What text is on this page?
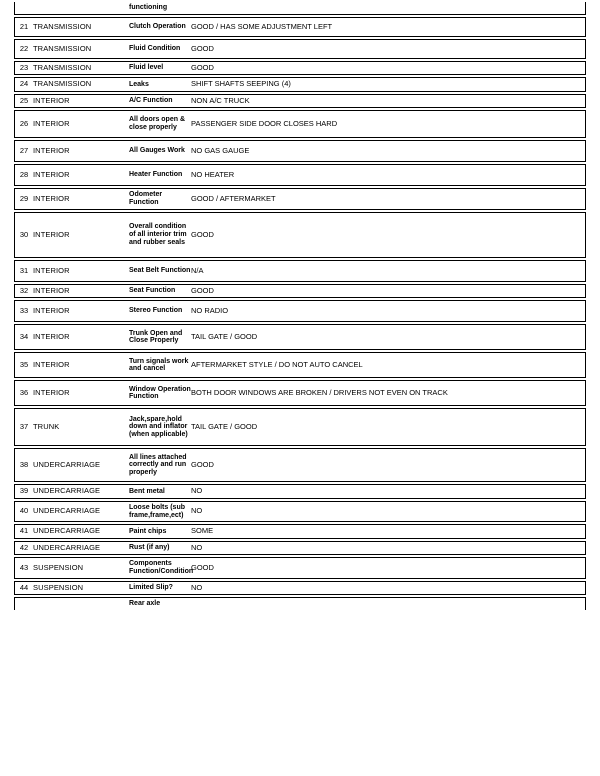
		functioning	
21	TRANSMISSION	Clutch Operation	GOOD / HAS SOME ADJUSTMENT LEFT
22	TRANSMISSION	Fluid Condition	GOOD
23	TRANSMISSION	Fluid level	GOOD
24	TRANSMISSION	Leaks	SHIFT SHAFTS SEEPING (4)
25	INTERIOR	A/C Function	NON A/C TRUCK
26	INTERIOR	All doors open & close properly	PASSENGER SIDE DOOR CLOSES HARD
27	INTERIOR	All Gauges Work	NO GAS GAUGE
28	INTERIOR	Heater Function	NO HEATER
29	INTERIOR	Odometer Function	GOOD / AFTERMARKET
30	INTERIOR	Overall condition of all interior trim and rubber seals	GOOD
31	INTERIOR	Seat Belt Function	N/A
32	INTERIOR	Seat Function	GOOD
33	INTERIOR	Stereo Function	NO RADIO
34	INTERIOR	Trunk Open and Close Properly	TAIL GATE / GOOD
35	INTERIOR	Turn signals work and cancel	AFTERMARKET STYLE / DO NOT AUTO CANCEL
36	INTERIOR	Window Operation Function	BOTH DOOR WINDOWS ARE BROKEN / DRIVERS NOT EVEN ON TRACK
37	TRUNK	Jack,spare,hold down and inflator (when applicable)	TAIL GATE / GOOD
38	UNDERCARRIAGE	All lines attached correctly and run properly	GOOD
39	UNDERCARRIAGE	Bent metal	NO
40	UNDERCARRIAGE	Loose bolts (sub frame,frame,ect)	NO
41	UNDERCARRIAGE	Paint chips	SOME
42	UNDERCARRIAGE	Rust (if any)	NO
43	SUSPENSION	Components Function/Condition	GOOD
44	SUSPENSION	Limited Slip?	NO
		Rear axle	
